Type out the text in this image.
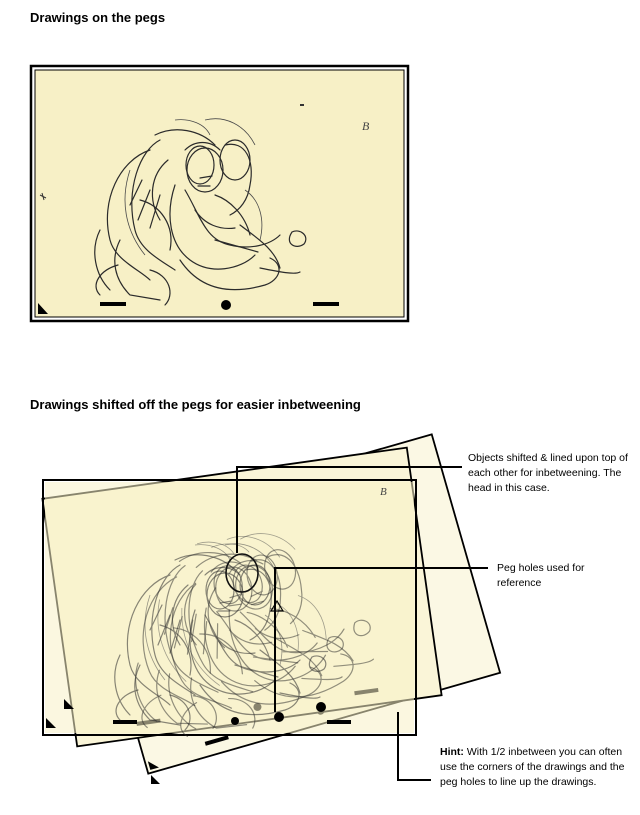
Drawings on the pegs
Drawings shifted off the pegs for easier inbetweening
B
B
Objects shifted & lined upon top of each other for inbetweening. The head in this case.
Peg holes used for reference
Hint: With 1/2 inbetween you can often use the corners of the drawings and the peg holes to line up the drawings.
